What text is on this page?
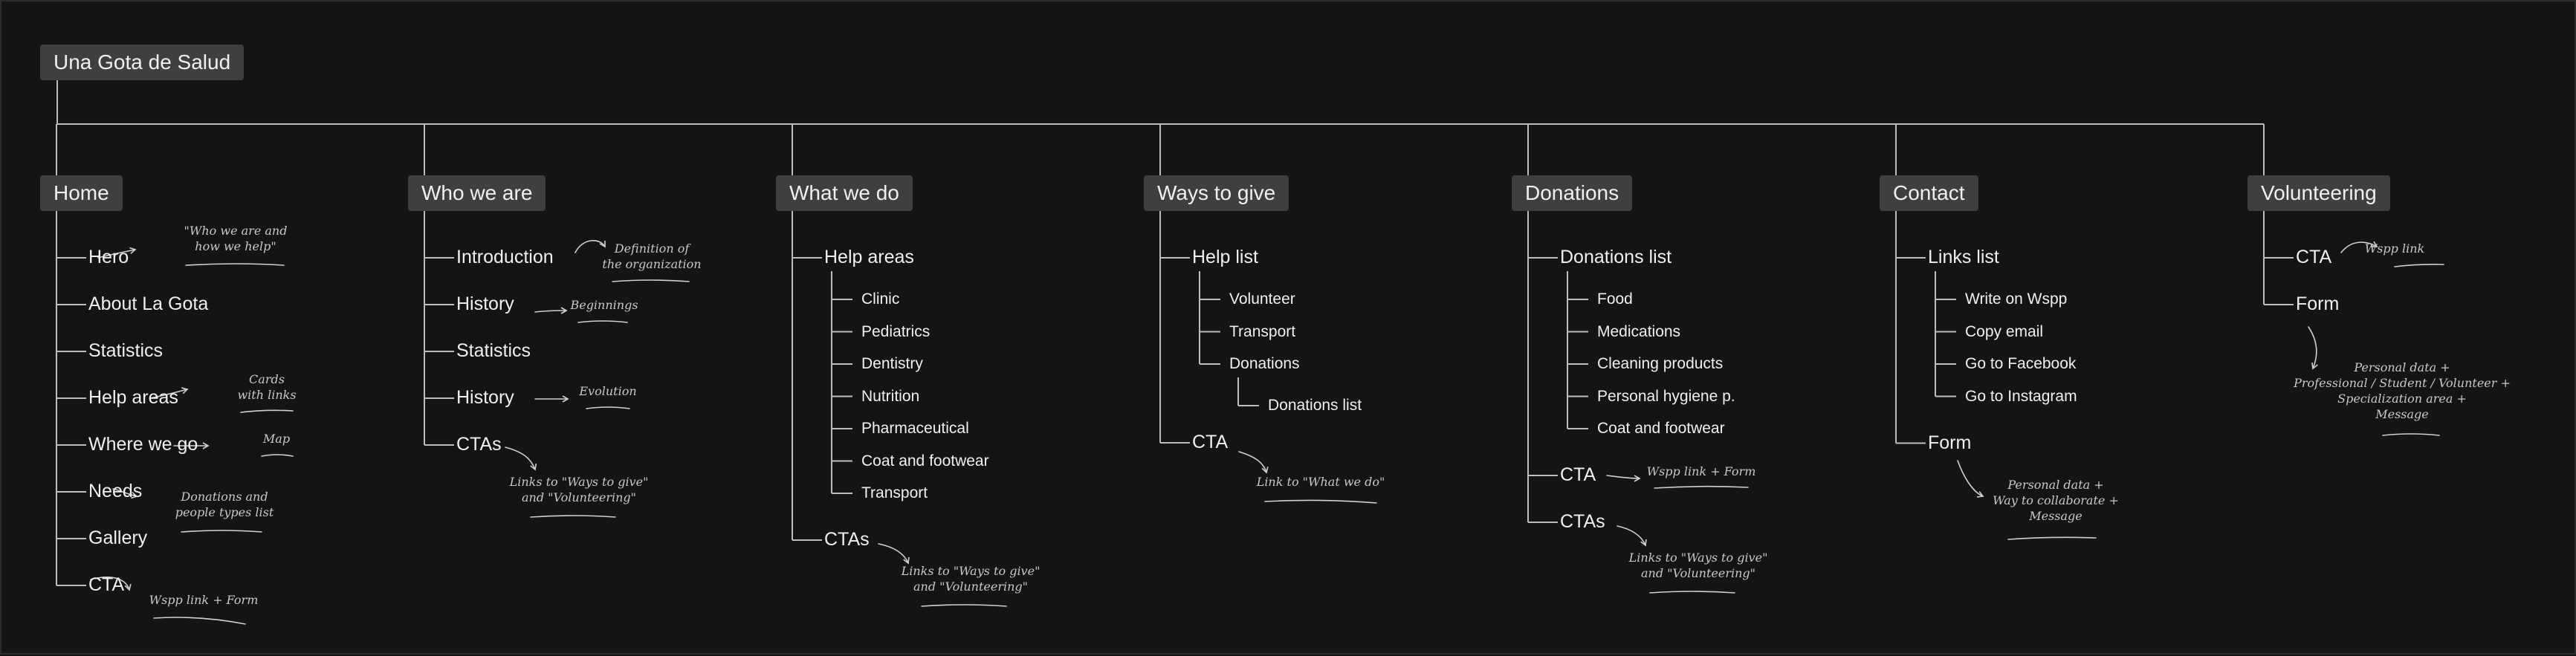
Una Gota de Salud
Home
Hero
"Who we are and
how we help"
About La Gota
Statistics
Help areas
Cards
with links
Where we go	Map
Needs	Donations and
people types list
Gallery
CTA
Wspp link + Form
Who we are
Introduction	Definition of
the organization
History	Beginnings
Statistics
History	Evolution
CTAs
Links to "Ways to give"
and "Volunteering"
What we do
Help areas
Clinic
Pediatrics
Dentistry
Nutrition
Pharmaceutical
Coat and footwear
Transport
CTAs
Links to "Ways to give"
and "Volunteering"
Ways to give
Help list
Volunteer
Transport
Donations
Donations list
CTA
Link to "What we do"
Donations
Donations list
Food
Medications
Cleaning products
Personal hygiene p.
Coat and footwear
CTA	Wspp link + Form
CTAs
Links to "Ways to give"
and "Volunteering"
Contact
Links list
Write on Wspp
Copy email
Go to Facebook
Go to Instagram
Form
Personal data +
Way to collaborate +
Message
Volunteering
CTA	Wspp link
Form
Personal data +
Professional / Student / Volunteer +
Specialization area +
Message
